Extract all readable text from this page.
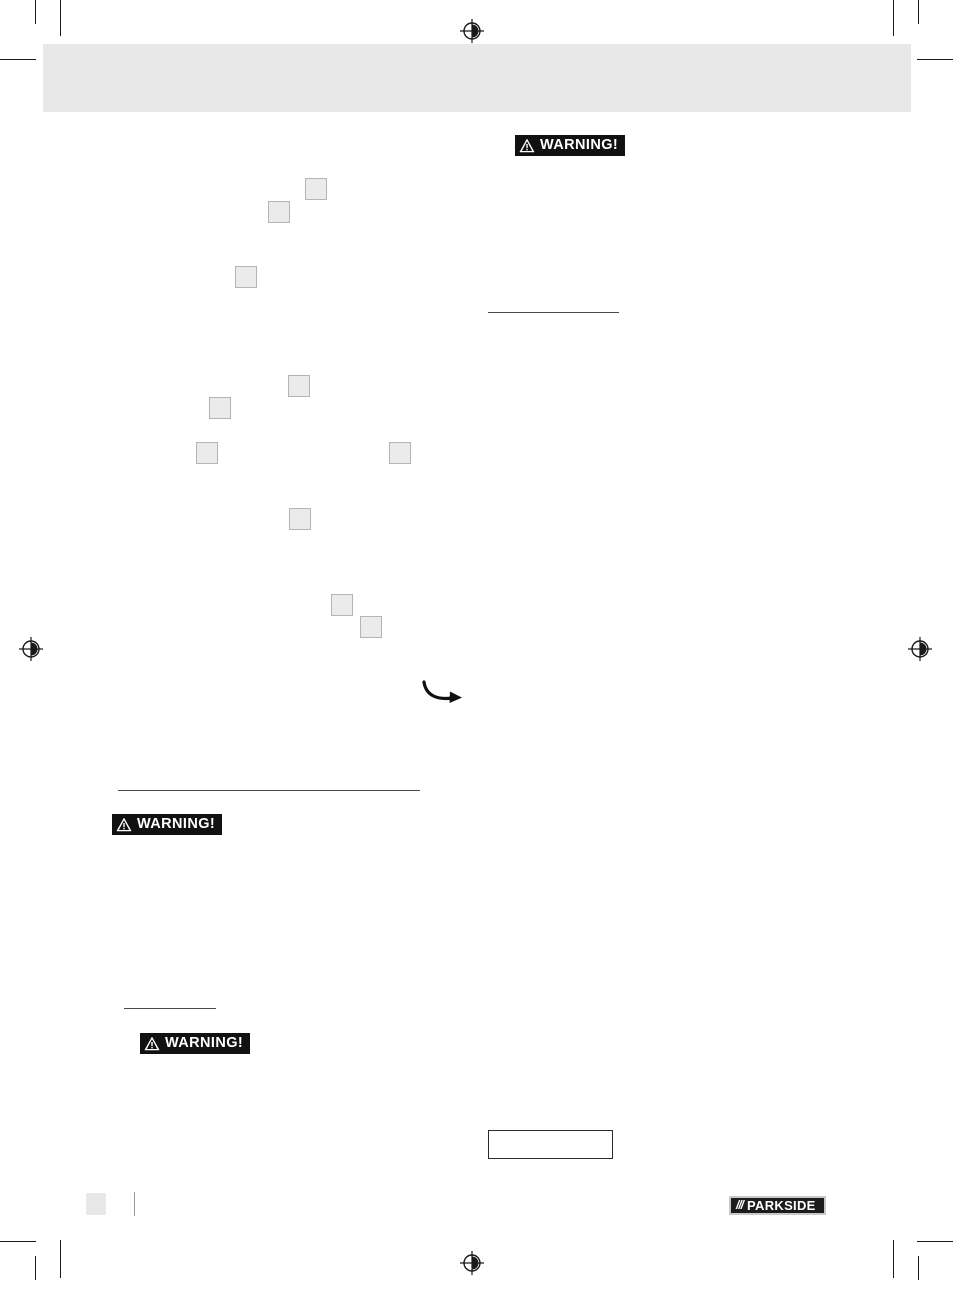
WARNING!
WARNING!
WARNING!
/// PARKSIDE
